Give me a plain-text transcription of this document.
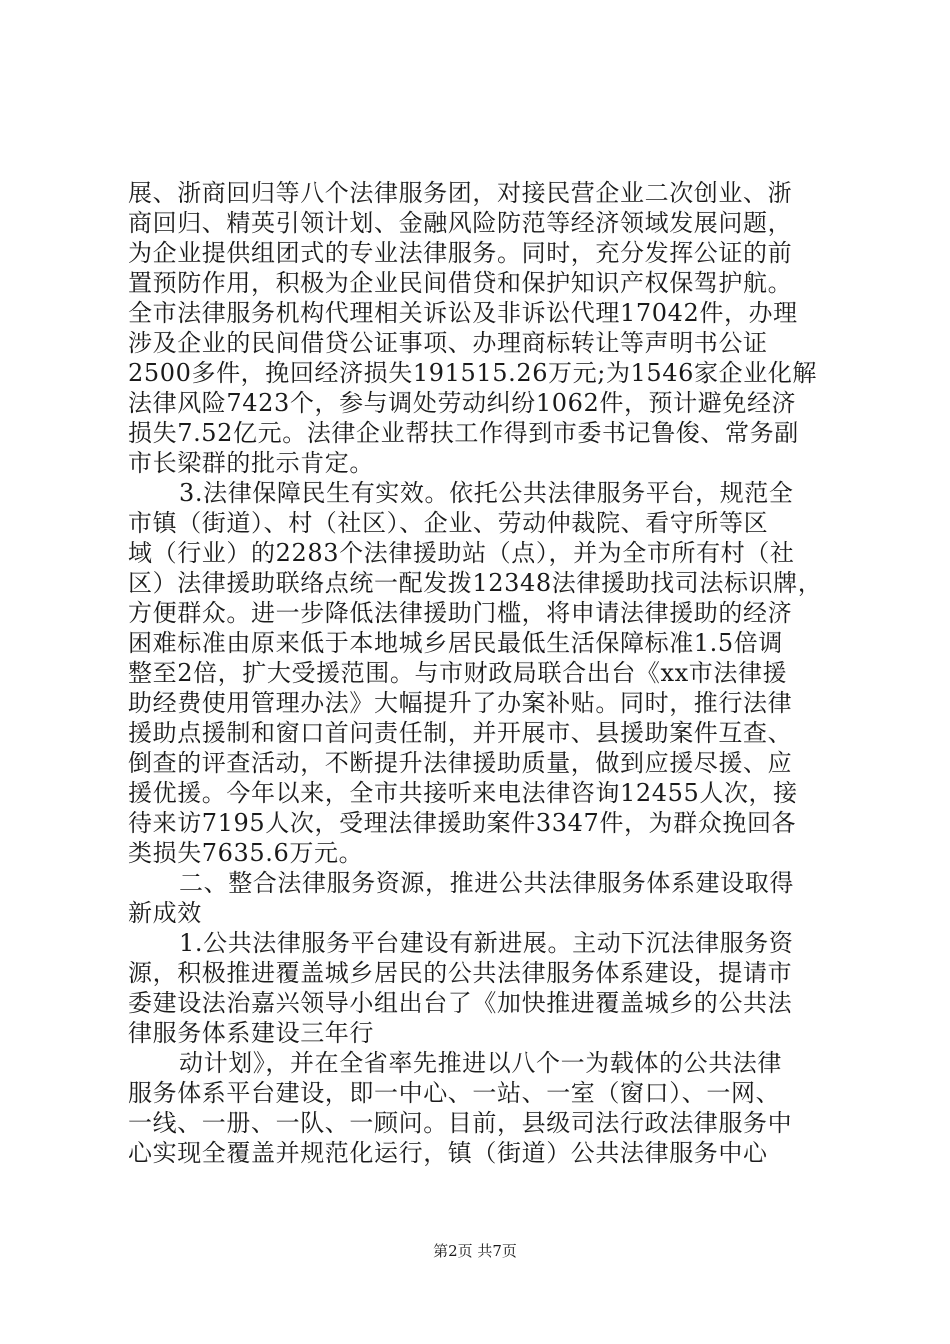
展、浙商回归等八个法律服务团，对接民营企业二次创业、浙
商回归、精英引领计划、金融风险防范等经济领域发展问题，
为企业提供组团式的专业法律服务。同时，充分发挥公证的前
置预防作用，积极为企业民间借贷和保护知识产权保驾护航。
全市法律服务机构代理相关诉讼及非诉讼代理17042件，办理
涉及企业的民间借贷公证事项、办理商标转让等声明书公证
2500多件，挽回经济损失191515.26万元;为1546家企业化解
法律风险7423个，参与调处劳动纠纷1062件，预计避免经济
损失7.52亿元。法律企业帮扶工作得到市委书记鲁俊、常务副
市长梁群的批示肯定。
3.法律保障民生有实效。依托公共法律服务平台，规范全
市镇（街道）、村（社区）、企业、劳动仲裁院、看守所等区
域（行业）的2283个法律援助站（点），并为全市所有村（社
区）法律援助联络点统一配发拨12348法律援助找司法标识牌，
方便群众。进一步降低法律援助门槛，将申请法律援助的经济
困难标准由原来低于本地城乡居民最低生活保障标准1.5倍调
整至2倍，扩大受援范围。与市财政局联合出台《xx市法律援
助经费使用管理办法》大幅提升了办案补贴。同时，推行法律
援助点援制和窗口首问责任制，并开展市、县援助案件互查、
倒查的评查活动，不断提升法律援助质量，做到应援尽援、应
援优援。今年以来，全市共接听来电法律咨询12455人次，接
待来访7195人次，受理法律援助案件3347件，为群众挽回各
类损失7635.6万元。
二、整合法律服务资源，推进公共法律服务体系建设取得
新成效
1.公共法律服务平台建设有新进展。主动下沉法律服务资
源，积极推进覆盖城乡居民的公共法律服务体系建设，提请市
委建设法治嘉兴领导小组出台了《加快推进覆盖城乡的公共法
律服务体系建设三年行
动计划》，并在全省率先推进以八个一为载体的公共法律
服务体系平台建设，即一中心、一站、一室（窗口）、一网、
一线、一册、一队、一顾问。目前，县级司法行政法律服务中
心实现全覆盖并规范化运行，镇（街道）公共法律服务中心
第2页 共7页
